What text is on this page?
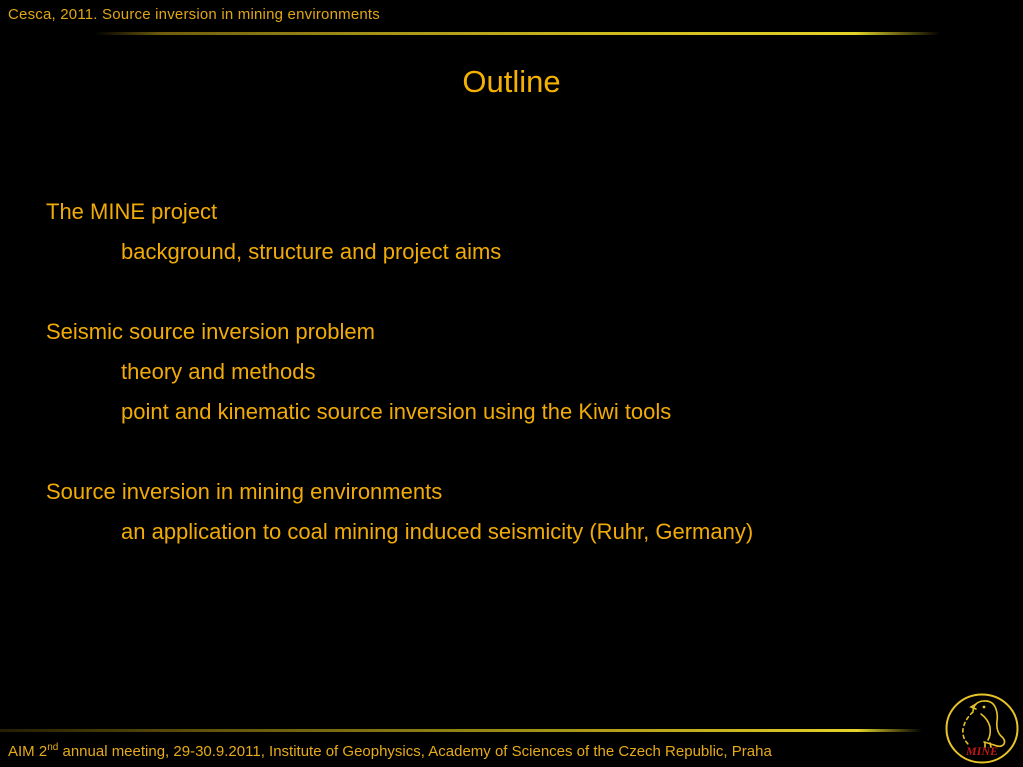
Cesca, 2011. Source inversion in mining environments
Outline
The MINE project
background, structure and project aims
Seismic source inversion problem
theory and methods
point and kinematic source inversion using the Kiwi tools
Source inversion in mining environments
an application to coal mining induced seismicity (Ruhr, Germany)
AIM 2nd annual meeting, 29-30.9.2011, Institute of Geophysics, Academy of Sciences of the Czech Republic, Praha	MINE
